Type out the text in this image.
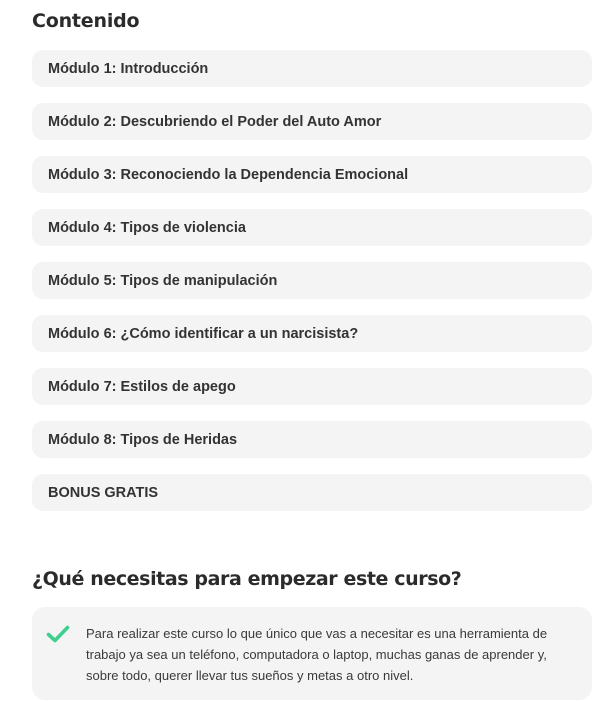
Contenido
Módulo 1: Introducción
Módulo 2: Descubriendo el Poder del Auto Amor
Módulo 3: Reconociendo la Dependencia Emocional
Módulo 4: Tipos de violencia
Módulo 5: Tipos de manipulación
Módulo 6: ¿Cómo identificar a un narcisista?
Módulo 7: Estilos de apego
Módulo 8: Tipos de Heridas
BONUS GRATIS
¿Qué necesitas para empezar este curso?

Para realizar este curso lo que único que vas a necesitar es una herramienta de trabajo ya sea un teléfono, computadora o laptop, muchas ganas de aprender y, sobre todo, querer llevar tus sueños y metas a otro nivel.
